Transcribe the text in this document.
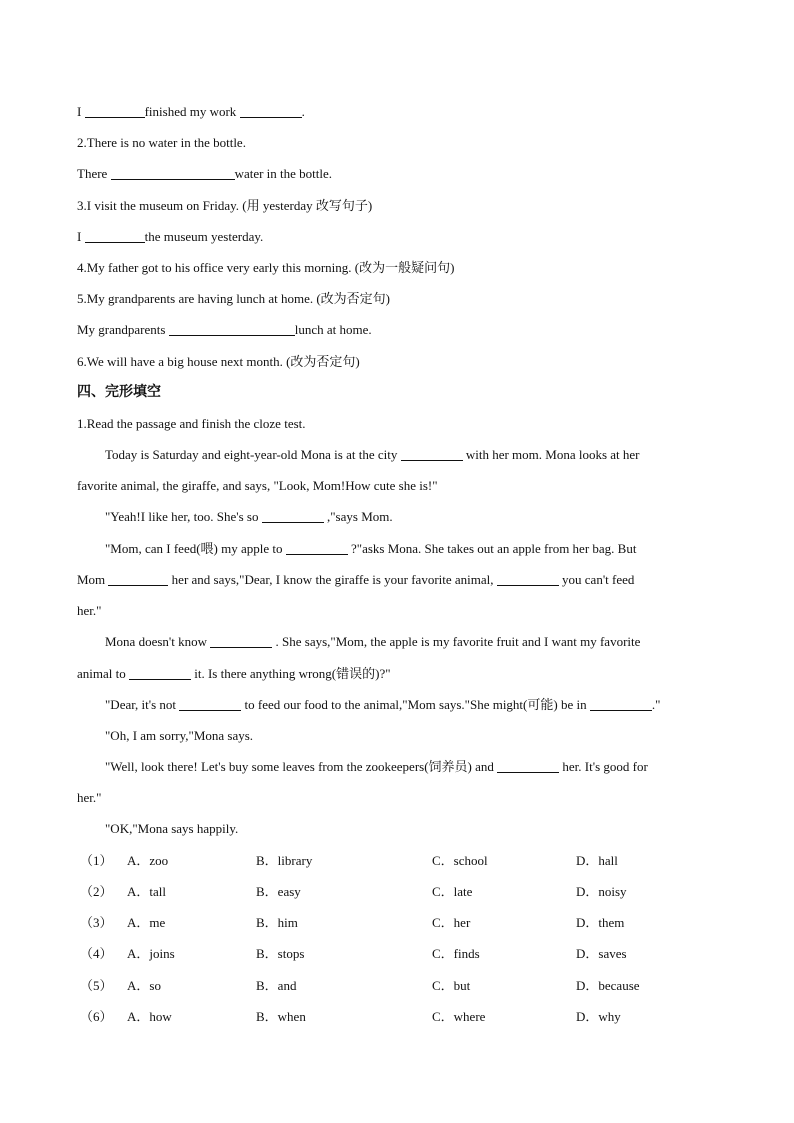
I	finished my work	.
2.There is no water in the bottle.
There	water in the bottle.
3.I visit the museum on Friday. (用 yesterday 改写句子)
I	the museum yesterday.
4.My father got to his office very early this morning. (改为一般疑问句)
5.My grandparents are having lunch at home. (改为否定句)
My grandparents	lunch at home.
6.We will have a big house next month. (改为否定句)
四、完形填空
1.Read the passage and finish the cloze test.
Today is Saturday and eight-year-old Mona is at the city	with her mom. Mona looks at her
favorite animal, the giraffe, and says, "Look, Mom!How cute she is!"
"Yeah!I like her, too. She's so	,"says Mom.
"Mom, can I feed(喂) my apple to	?"asks Mona. She takes out an apple from her bag. But
Mom	her and says,"Dear, I know the giraffe is your favorite animal,	you can't feed
her."
Mona doesn't know	. She says,"Mom, the apple is my favorite fruit and I want my favorite
animal to	it. Is there anything wrong(错误的)?"
"Dear, it's not	to feed our food to the animal,"Mom says."She might(可能) be in	."
"Oh, I am sorry,"Mona says.
"Well, look there! Let's buy some leaves from the zookeepers(饲养员) and	her. It's good for
her."
"OK,"Mona says happily.
（1） A．zoo	B．library	C．school	D．hall
（2） A．tall	B．easy	C．late	D．noisy
（3） A．me	B．him	C．her	D．them
（4） A．joins	B．stops	C．finds	D．saves
（5） A．so	B．and	C．but	D．because
（6） A．how	B．when	C．where	D．why
